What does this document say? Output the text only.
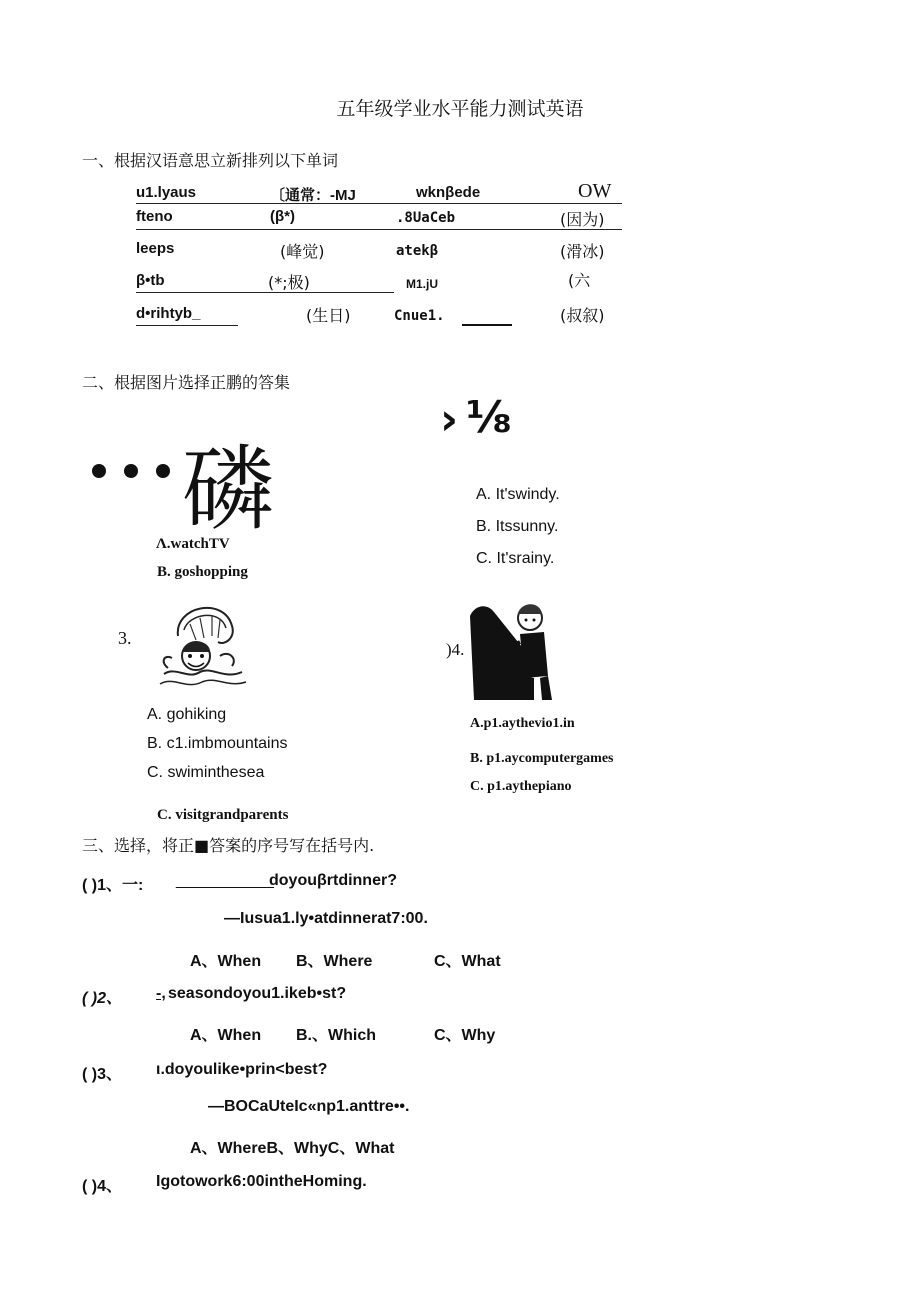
五年级学业水平能力测试英语
一、根据汉语意思立新排列以下单词
u1.lyaus	〔通常：-MJ	wknβede	OW
fteno	(β*)	.8UaCeb	(因为)
leeps	(峰觉)	atekβ	(滑冰)
β•tb	(*;极)	M1.jU	(六
d•rihtyb_	(生日)	Cnue1.	(叔叙)
二、根据图片选择正鹏的答集
磷
Λ.watchTV
B. goshopping
C. visitgrandparents
› ⅛
A. It'swindy.
B. Itssunny.
C. It'srainy.
3.
A. gohiking
B. c1.imbmountains
C. swiminthesea
)4.
A.p1.aythevio1.in
B. p1.aycomputergames
C. p1.aythepiano
三、选择，将正■答案的序号写在括号内.
( )1、一: ___________
doyouβrtdinner?
—Iusua1.ly•atdinnerat7:00.
A、When B、Where	C、What
( )2、 -, seasondoyou1.ikeb•st?
A、When B.、Which	C、Why
( )3、 ι.doyoulike•prin<best?
—BOCaUteIc«np1.anttre••.
A、WhereB、WhyC、What
( )4、 Igotowork6:00intheHoming.
